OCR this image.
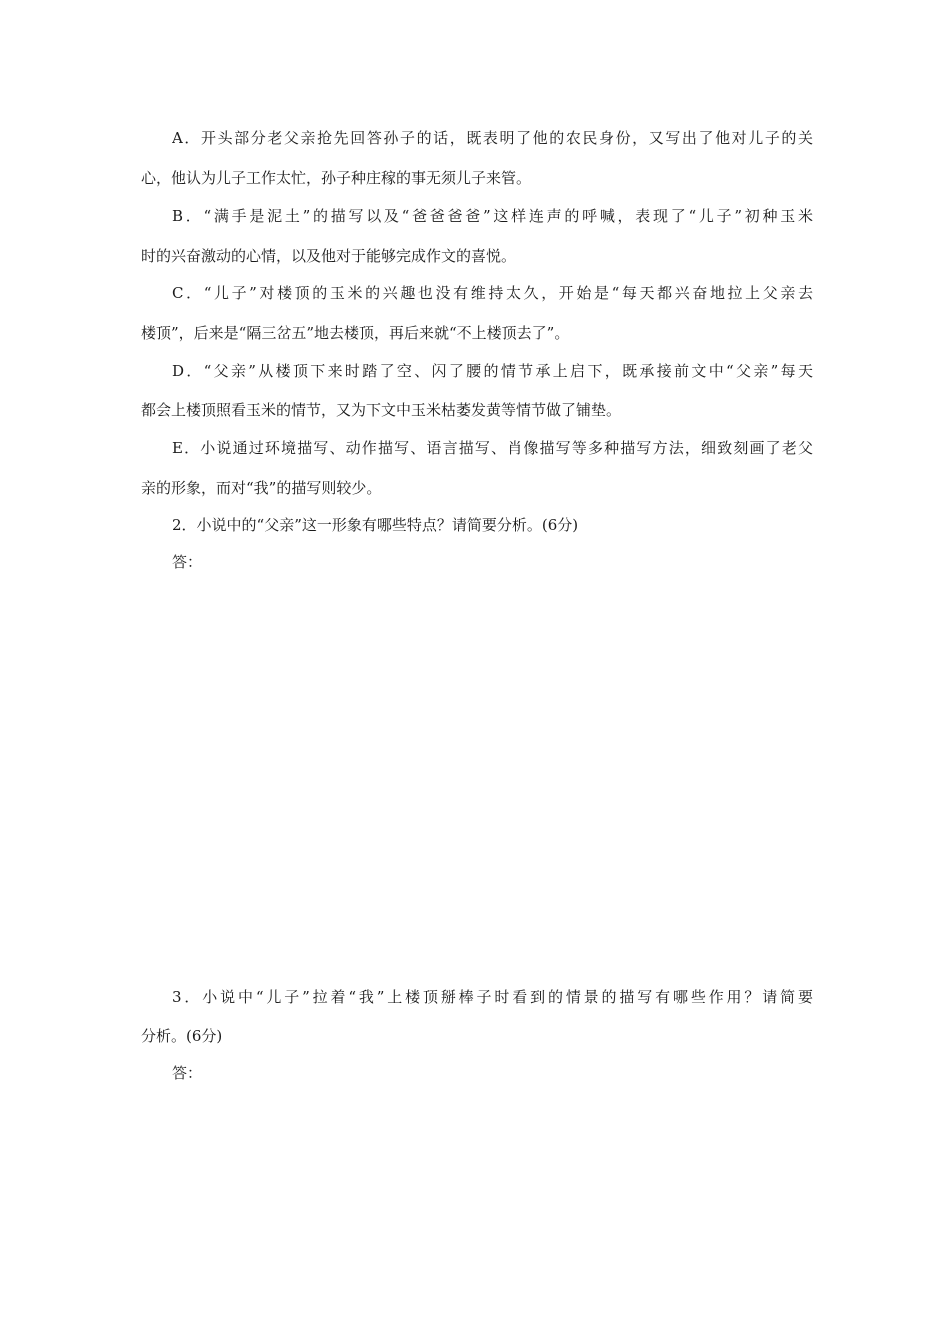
A．开头部分老父亲抢先回答孙子的话，既表明了他的农民身份，又写出了他对儿子的关
心，他认为儿子工作太忙，孙子种庄稼的事无须儿子来管。
B．“满手是泥土”的描写以及“爸爸爸爸”这样连声的呼喊，表现了“儿子”初种玉米
时的兴奋激动的心情，以及他对于能够完成作文的喜悦。
C．“儿子”对楼顶的玉米的兴趣也没有维持太久，开始是“每天都兴奋地拉上父亲去
楼顶”，后来是“隔三岔五”地去楼顶，再后来就“不上楼顶去了”。
D．“父亲”从楼顶下来时踏了空、闪了腰的情节承上启下，既承接前文中“父亲”每天
都会上楼顶照看玉米的情节，又为下文中玉米枯萎发黄等情节做了铺垫。
E．小说通过环境描写、动作描写、语言描写、肖像描写等多种描写方法，细致刻画了老父
亲的形象，而对“我”的描写则较少。
2．小说中的“父亲”这一形象有哪些特点？请简要分析。(6分)
答：
3．小说中“儿子”拉着“我”上楼顶掰棒子时看到的情景的描写有哪些作用？请简要
分析。(6分)
答：
